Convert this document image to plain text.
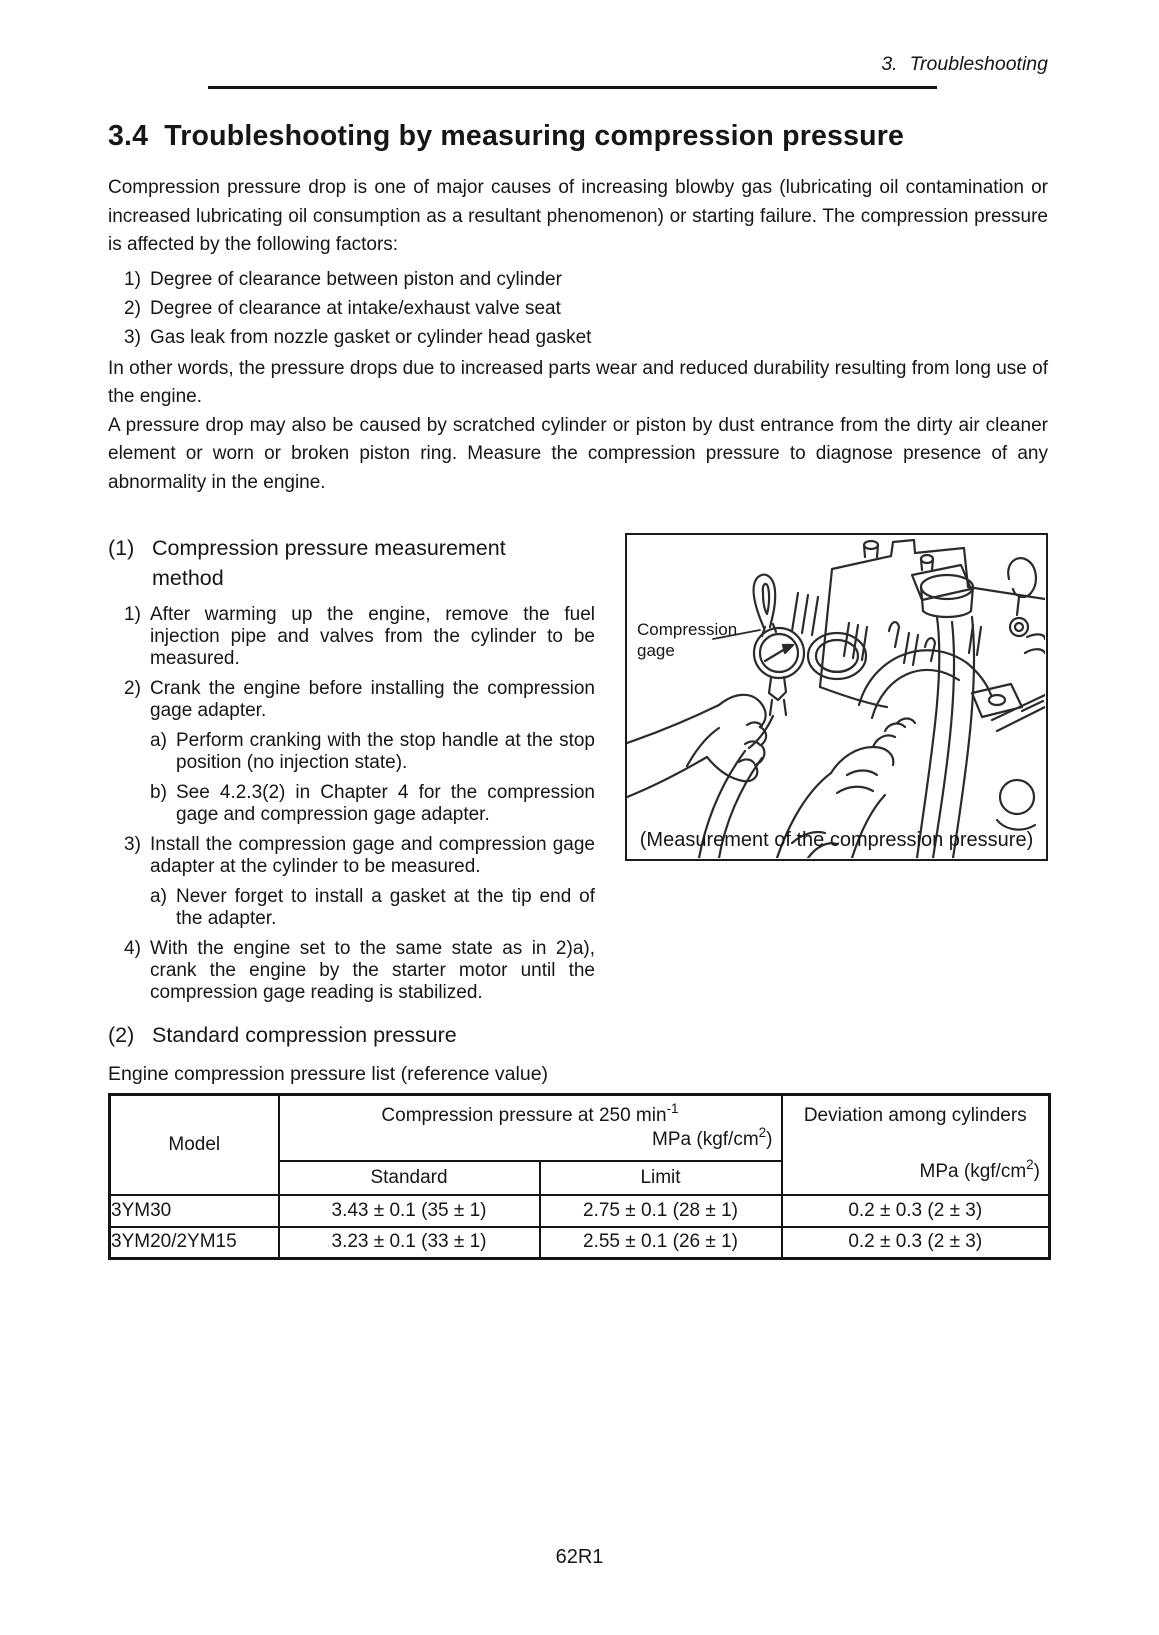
3. Troubleshooting
3.4 Troubleshooting by measuring compression pressure

Compression pressure drop is one of major causes of increasing blowby gas (lubricating oil contamination or increased lubricating oil consumption as a resultant phenomenon) or starting failure. The compression pressure is affected by the following factors:

1) Degree of clearance between piston and cylinder
2) Degree of clearance at intake/exhaust valve seat
3) Gas leak from nozzle gasket or cylinder head gasket

In other words, the pressure drops due to increased parts wear and reduced durability resulting from long use of the engine.

A pressure drop may also be caused by scratched cylinder or piston by dust entrance from the dirty air cleaner element or worn or broken piston ring. Measure the compression pressure to diagnose presence of any abnormality in the engine.

(1) Compression pressure measurement
method
1) After warming up the engine, remove the fuel injection pipe and valves from the cylinder to be measured.
2) Crank the engine before installing the compression gage adapter.
a) Perform cranking with the stop handle at the stop position (no injection state).
b) See 4.2.3(2) in Chapter 4 for the compression gage and compression gage adapter.
3) Install the compression gage and compression gage adapter at the cylinder to be measured.
a) Never forget to install a gasket at the tip end of the adapter.
4) With the engine set to the same state as in 2)a), crank the engine by the starter motor until the compression gage reading is stabilized.
Compression
gage
(Measurement of the compression pressure)
(2) Standard compression pressure

Engine compression pressure list (reference value)

Model	
Compression pressure at 250 $\min^{-1}$
MPa $(kgf/cm^2)$

Deviation among cylinders
MPa $(kgf/cm^2)$

	Standard	Limit	
3YM30	3.43 ± 0.1 (35 ± 1)	2.75 ± 0.1 (28 ± 1)	0.2 ± 0.3 (2 ± 3)
3YM20/2YM15	3.23 ± 0.1 (33 ± 1)	2.55 ± 0.1 (26 ± 1)	0.2 ± 0.3 (2 ± 3)
62R1
